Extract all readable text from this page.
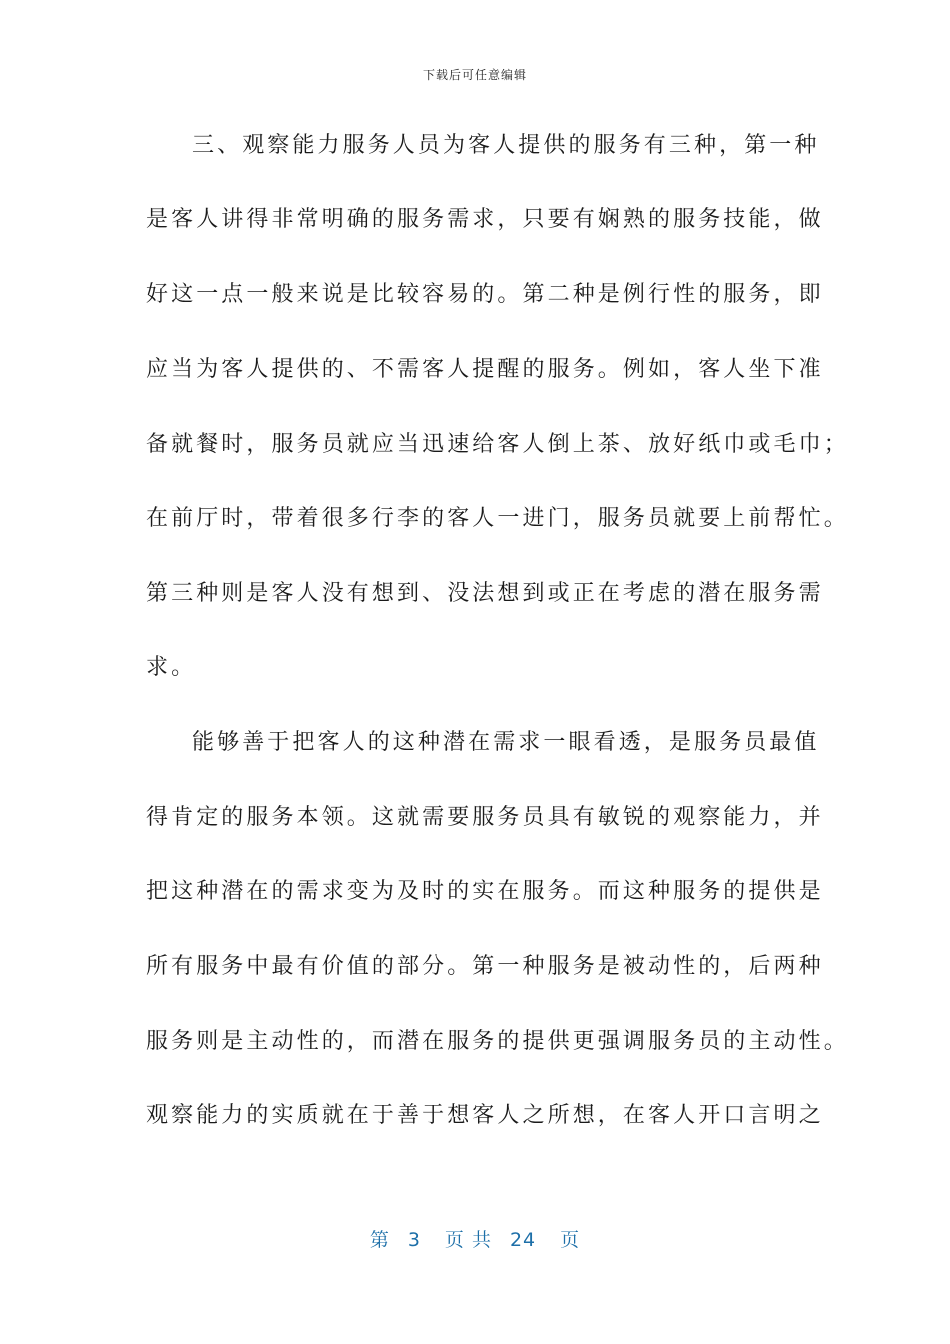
下载后可任意编辑
三、观察能力服务人员为客人提供的服务有三种，第一种
是客人讲得非常明确的服务需求，只要有娴熟的服务技能，做
好这一点一般来说是比较容易的。第二种是例行性的服务，即
应当为客人提供的、不需客人提醒的服务。例如，客人坐下准
备就餐时，服务员就应当迅速给客人倒上茶、放好纸巾或毛巾；
在前厅时，带着很多行李的客人一进门，服务员就要上前帮忙。
第三种则是客人没有想到、没法想到或正在考虑的潜在服务需
求。
能够善于把客人的这种潜在需求一眼看透，是服务员最值
得肯定的服务本领。这就需要服务员具有敏锐的观察能力，并
把这种潜在的需求变为及时的实在服务。而这种服务的提供是
所有服务中最有价值的部分。第一种服务是被动性的，后两种
服务则是主动性的，而潜在服务的提供更强调服务员的主动性。
观察能力的实质就在于善于想客人之所想，在客人开口言明之
第 3 页 共 24 页
